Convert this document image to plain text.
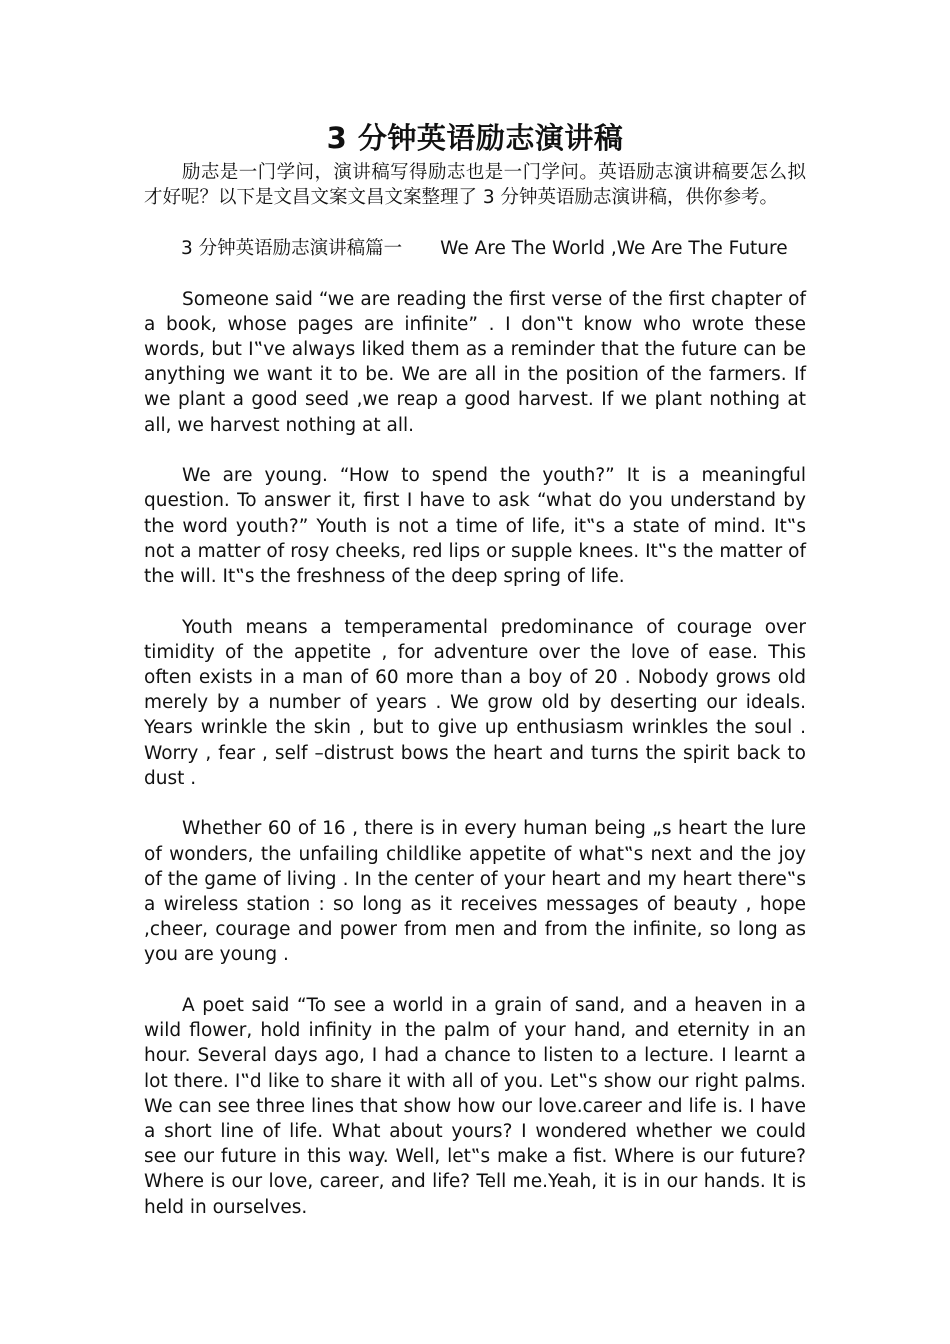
3 分钟英语励志演讲稿

励志是一门学问，演讲稿写得励志也是一门学问。英语励志演讲稿要怎么拟才好呢？以下是文昌文案文昌文案整理了 3 分钟英语励志演讲稿，供你参考。

3 分钟英语励志演讲稿篇一 We Are The World ,We Are The Future

Someone said “we are reading the first verse of the first chapter of a book, whose pages are infinite” . I don‟t know who wrote these words, but I‟ve always liked them as a reminder that the future can be anything we want it to be. We are all in the position of the farmers. If we plant a good seed ,we reap a good harvest. If we plant nothing at all, we harvest nothing at all.

We are young. “How to spend the youth?” It is a meaningful question. To answer it, first I have to ask “what do you understand by the word youth?” Youth is not a time of life, it‟s a state of mind. It‟s not a matter of rosy cheeks, red lips or supple knees. It‟s the matter of the will. It‟s the freshness of the deep spring of life.

Youth means a temperamental predominance of courage over timidity of the appetite , for adventure over the love of ease. This often exists in a man of 60 more than a boy of 20 . Nobody grows old merely by a number of years . We grow old by deserting our ideals. Years wrinkle the skin , but to give up enthusiasm wrinkles the soul . Worry , fear , self –distrust bows the heart and turns the spirit back to dust .

Whether 60 of 16 , there is in every human being „s heart the lure of wonders, the unfailing childlike appetite of what‟s next and the joy of the game of living . In the center of your heart and my heart there‟s a wireless station : so long as it receives messages of beauty , hope ,cheer, courage and power from men and from the infinite, so long as you are young .

A poet said “To see a world in a grain of sand, and a heaven in a wild flower, hold infinity in the palm of your hand, and eternity in an hour. Several days ago, I had a chance to listen to a lecture. I learnt a lot there. I‟d like to share it with all of you. Let‟s show our right palms. We can see three lines that show how our love.career and life is. I have a short line of life. What about yours? I wondered whether we could see our future in this way. Well, let‟s make a fist. Where is our future? Where is our love, career, and life? Tell me.Yeah, it is in our hands. It is held in ourselves.
